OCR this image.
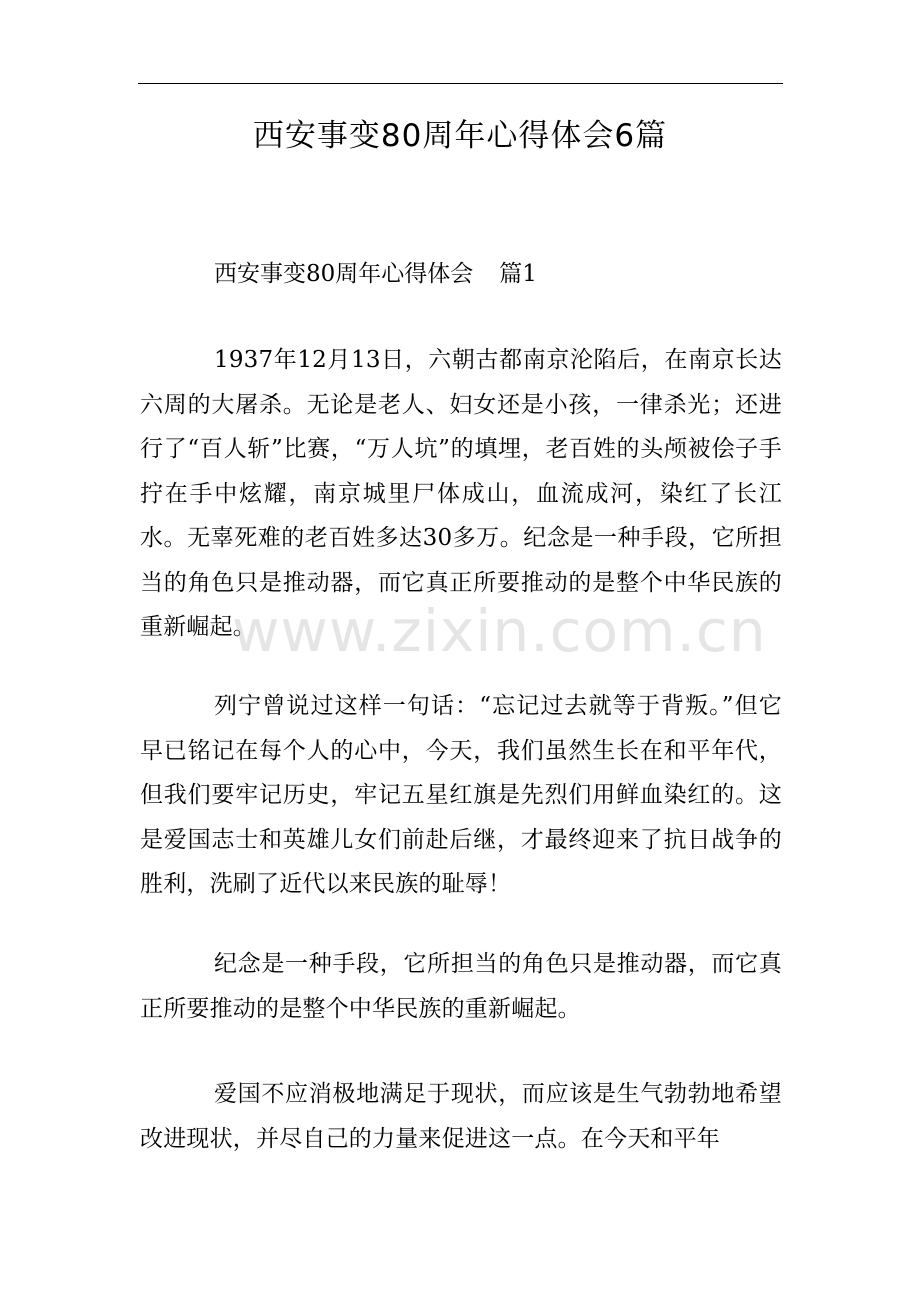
西安事变80周年心得体会6篇
西安事变80周年心得体会 篇1

1937年12月13日，六朝古都南京沦陷后，在南京长达六周的大屠杀。无论是老人、妇女还是小孩，一律杀光；还进行了“百人斩”比赛，“万人坑”的填埋，老百姓的头颅被侩子手拧在手中炫耀，南京城里尸体成山，血流成河，染红了长江水。无辜死难的老百姓多达30多万。纪念是一种手段，它所担当的角色只是推动器，而它真正所要推动的是整个中华民族的重新崛起。

列宁曾说过这样一句话：“忘记过去就等于背叛。”但它早已铭记在每个人的心中，今天，我们虽然生长在和平年代，但我们要牢记历史，牢记五星红旗是先烈们用鲜血染红的。这是爱国志士和英雄儿女们前赴后继，才最终迎来了抗日战争的胜利，洗刷了近代以来民族的耻辱！

纪念是一种手段，它所担当的角色只是推动器，而它真正所要推动的是整个中华民族的重新崛起。

爱国不应消极地满足于现状，而应该是生气勃勃地希望改进现状，并尽自己的力量来促进这一点。在今天和平年

www.zixin.com.cn
